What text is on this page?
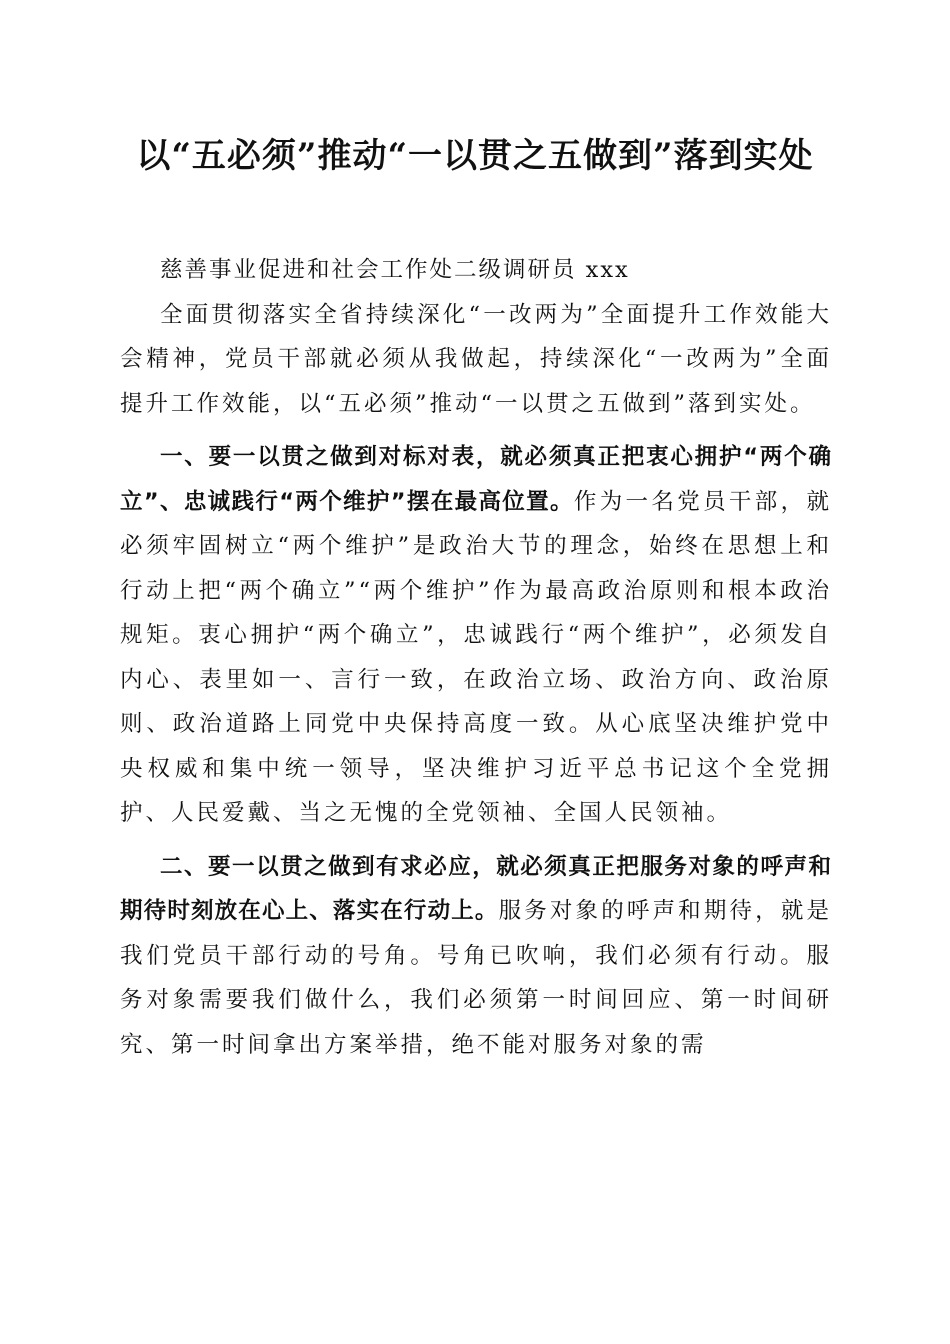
以“五必须”推动“一以贯之五做到”落到实处

慈善事业促进和社会工作处二级调研员 xxx

全面贯彻落实全省持续深化“一改两为”全面提升工作效能大会精神，党员干部就必须从我做起，持续深化“一改两为”全面提升工作效能，以“五必须”推动“一以贯之五做到”落到实处。

一、要一以贯之做到对标对表，就必须真正把衷心拥护“两个确立”、忠诚践行“两个维护”摆在最高位置。作为一名党员干部，就必须牢固树立“两个维护”是政治大节的理念，始终在思想上和行动上把“两个确立”“两个维护”作为最高政治原则和根本政治规矩。衷心拥护“两个确立”，忠诚践行“两个维护”，必须发自内心、表里如一、言行一致，在政治立场、政治方向、政治原则、政治道路上同党中央保持高度一致。从心底坚决维护党中央权威和集中统一领导，坚决维护习近平总书记这个全党拥护、人民爱戴、当之无愧的全党领袖、全国人民领袖。

二、要一以贯之做到有求必应，就必须真正把服务对象的呼声和期待时刻放在心上、落实在行动上。服务对象的呼声和期待，就是我们党员干部行动的号角。号角已吹响，我们必须有行动。服务对象需要我们做什么，我们必须第一时间回应、第一时间研究、第一时间拿出方案举措，绝不能对服务对象的需
